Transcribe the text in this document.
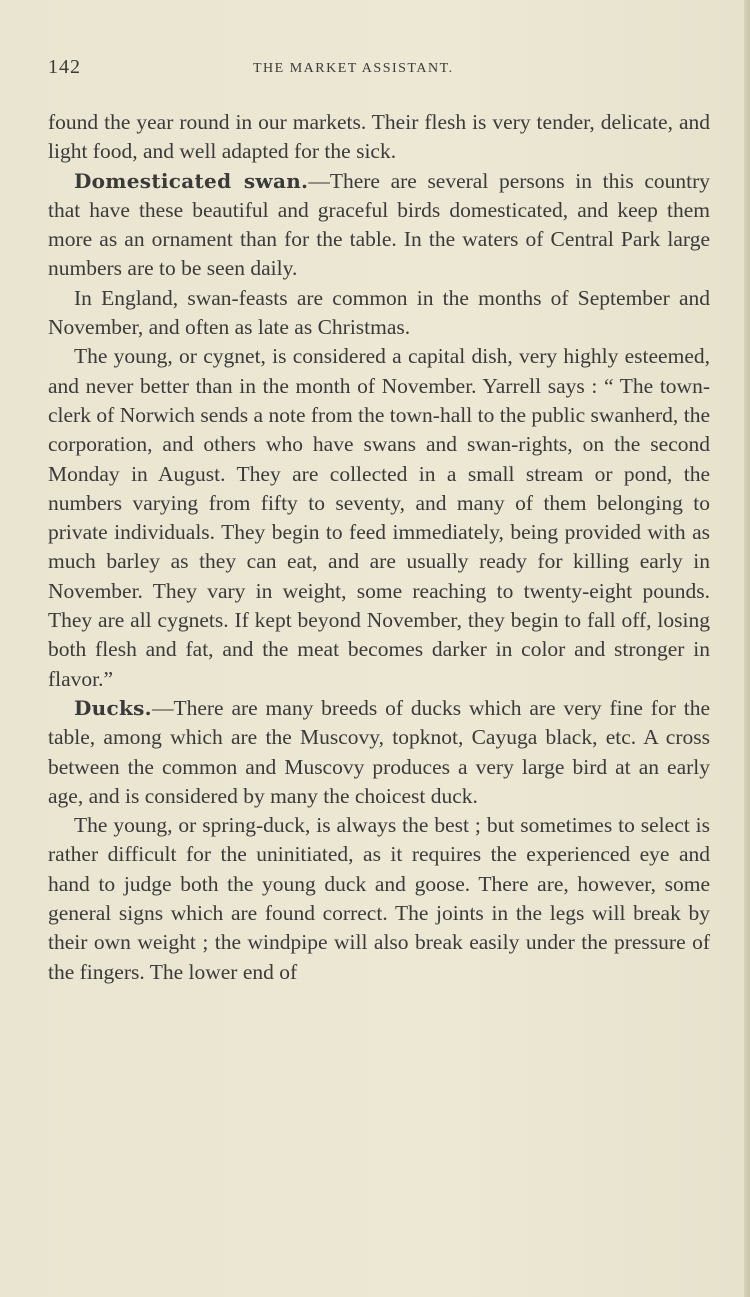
142	THE MARKET ASSISTANT.

found the year round in our markets. Their flesh is very tender, delicate, and light food, and well adapted for the sick.

Domesticated swan.—There are several persons in this country that have these beautiful and graceful birds domesticated, and keep them more as an ornament than for the table. In the waters of Central Park large numbers are to be seen daily.

In England, swan-feasts are common in the months of September and November, and often as late as Christmas.

The young, or cygnet, is considered a capital dish, very highly esteemed, and never better than in the month of November. Yarrell says : “ The town-clerk of Norwich sends a note from the town-hall to the public swanherd, the corporation, and others who have swans and swan-rights, on the second Monday in August. They are collected in a small stream or pond, the numbers varying from fifty to seventy, and many of them belonging to private individuals. They begin to feed immediately, being provided with as much barley as they can eat, and are usually ready for killing early in November. They vary in weight, some reaching to twenty-eight pounds. They are all cygnets. If kept beyond November, they begin to fall off, losing both flesh and fat, and the meat becomes darker in color and stronger in flavor.”

Ducks.—There are many breeds of ducks which are very fine for the table, among which are the Muscovy, topknot, Cayuga black, etc. A cross between the common and Muscovy produces a very large bird at an early age, and is considered by many the choicest duck.

The young, or spring-duck, is always the best ; but sometimes to select is rather difficult for the uninitiated, as it requires the experienced eye and hand to judge both the young duck and goose. There are, however, some general signs which are found correct. The joints in the legs will break by their own weight ; the windpipe will also break easily under the pressure of the fingers. The lower end of
